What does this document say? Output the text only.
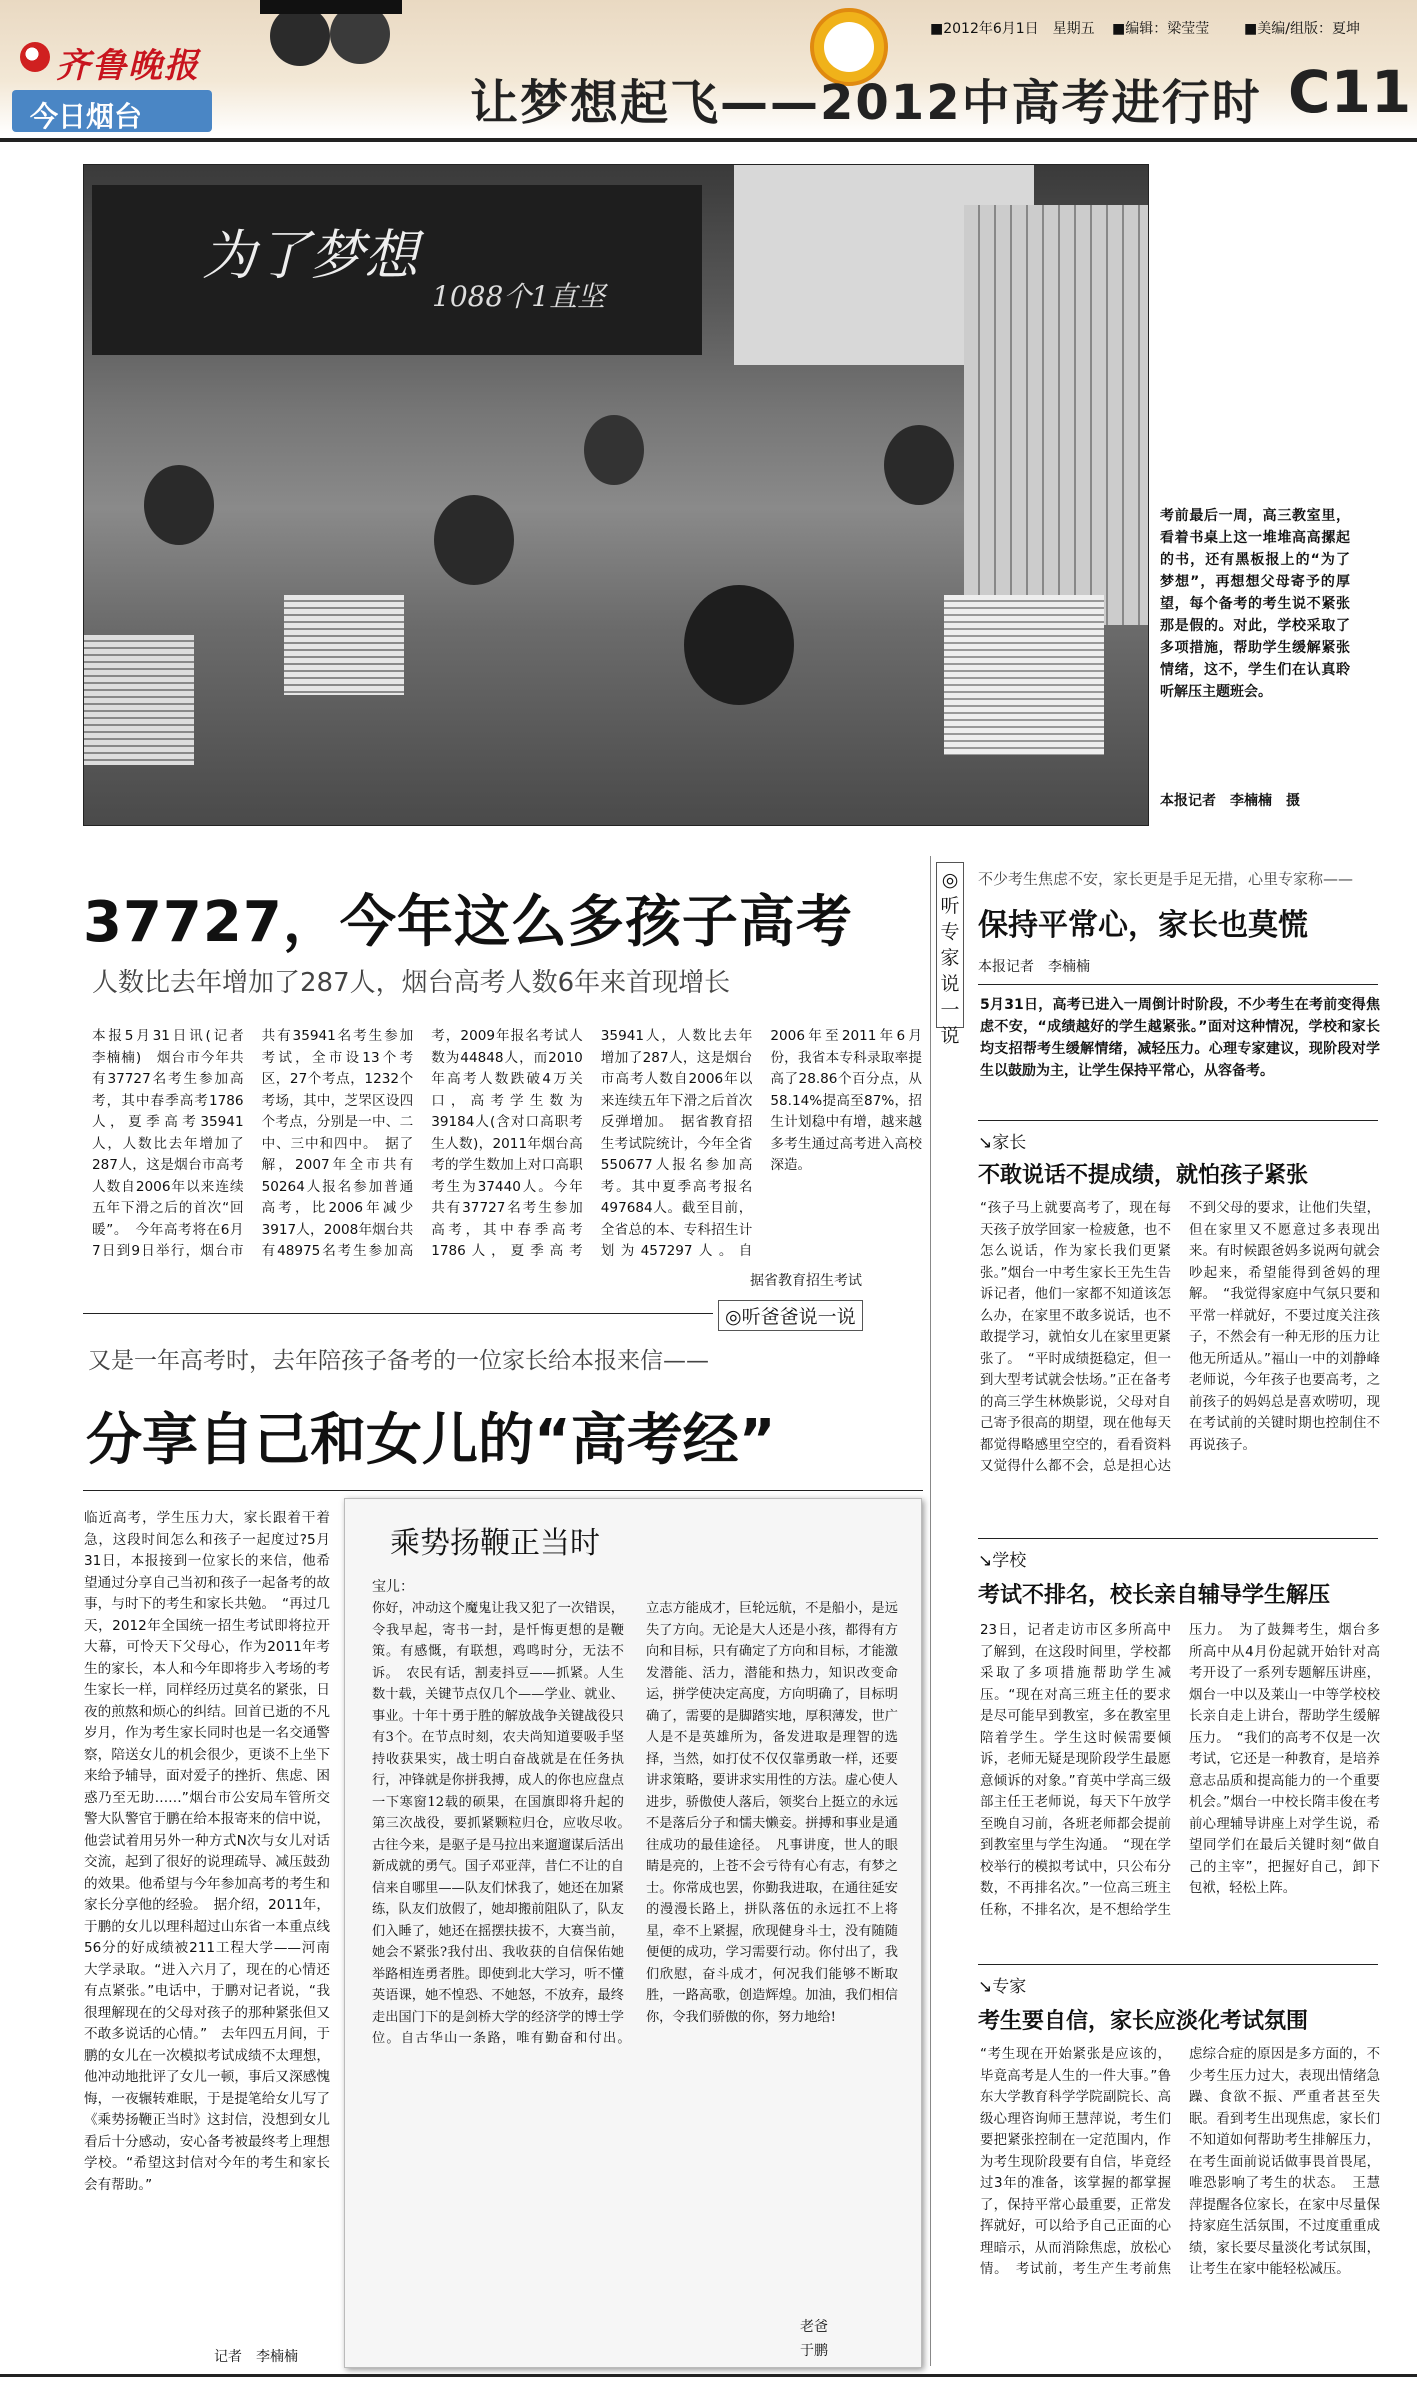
齐鲁晚报
今日烟台
■2012年6月1日　星期五 ■编辑：梁莹莹 ■美编/组版：夏坤
让梦想起飞——2012中高考进行时 C11
为了梦想
1088个1直坚
考前最后一周，高三教室里，看着书桌上这一堆堆高高摞起的书，还有黑板报上的“为了梦想”，再想想父母寄予的厚望，每个备考的考生说不紧张那是假的。对此，学校采取了多项措施，帮助学生缓解紧张情绪，这不，学生们在认真聆听解压主题班会。
本报记者　李楠楠　摄
37727，今年这么多孩子高考
人数比去年增加了287人，烟台高考人数6年来首现增长
本报5月31日讯(记者　李楠楠)　烟台市今年共有37727名考生参加高考，其中春季高考1786人，夏季高考35941人，人数比去年增加了287人，这是烟台市高考人数自2006年以来连续五年下滑之后的首次“回暖”。　今年高考将在6月7日到9日举行，烟台市共有35941名考生参加考试，全市设13个考区，27个考点，1232个考场，其中，芝罘区设四个考点，分别是一中、二中、三中和四中。　据了解，2007年全市共有50264人报名参加普通高考，比2006年减少3917人，2008年烟台共有48975名考生参加高考，2009年报名考试人数为44848人，而2010年高考人数跌破4万关口，高考学生数为39184人(含对口高职考生人数)，2011年烟台高考的学生数加上对口高职考生为37440人。今年共有37727名考生参加高考，其中春季高考1786人，夏季高考35941人，人数比去年增加了287人，这是烟台市高考人数自2006年以来连续五年下滑之后首次反弹增加。　据省教育招生考试院统计，今年全省550677人报名参加高考。其中夏季高考报名497684人。截至目前，全省总的本、专科招生计划为457297人。自2006年至2011年6月份，我省本专科录取率提高了28.86个百分点，从58.14%提高至87%，招生计划稳中有增，越来越多考生通过高考进入高校深造。
据省教育招生考试
◎听专家说一说
◎听爸爸说一说
又是一年高考时，去年陪孩子备考的一位家长给本报来信——
分享自己和女儿的“高考经”
临近高考，学生压力大，家长跟着干着急，这段时间怎么和孩子一起度过?5月31日，本报接到一位家长的来信，他希望通过分享自己当初和孩子一起备考的故事，与时下的考生和家长共勉。　“再过几天，2012年全国统一招生考试即将拉开大幕，可怜天下父母心，作为2011年考生的家长，本人和今年即将步入考场的考生家长一样，同样经历过莫名的紧张，日夜的煎熬和烦心的纠结。回首已逝的不凡岁月，作为考生家长同时也是一名交通警察，陪送女儿的机会很少，更谈不上坐下来给予辅导，面对爱子的挫折、焦虑、困惑乃至无助……”烟台市公安局车管所交警大队警官于鹏在给本报寄来的信中说，他尝试着用另外一种方式N次与女儿对话交流，起到了很好的说理疏导、减压鼓劲的效果。他希望与今年参加高考的考生和家长分享他的经验。　据介绍，2011年，于鹏的女儿以理科超过山东省一本重点线56分的好成绩被211工程大学——河南大学录取。“进入六月了，现在的心情还有点紧张。”电话中，于鹏对记者说，“我很理解现在的父母对孩子的那种紧张但又不敢多说话的心情。”　去年四五月间，于鹏的女儿在一次模拟考试成绩不太理想，他冲动地批评了女儿一顿，事后又深感愧悔，一夜辗转难眠，于是提笔给女儿写了《乘势扬鞭正当时》这封信，没想到女儿看后十分感动，安心备考被最终考上理想学校。“希望这封信对今年的考生和家长会有帮助。”
记者　李楠楠
乘势扬鞭正当时
宝儿：
你好，冲动这个魔鬼让我又犯了一次错误，令我早起，寄书一封，是忏悔更想的是鞭策。有感慨，有联想，鸡鸣时分，无法不诉。　农民有话，割麦抖豆——抓紧。人生数十载，关键节点仅几个——学业、就业、事业。十年十勇于胜的解放战争关键战役只有3个。在节点时刻，农夫尚知道要吸手坚持收获果实，战士明白奋战就是在任务执行，冲锋就是你拼我搏，成人的你也应盘点一下寒窗12载的硕果，在国旗即将升起的第三次战役，要抓紧颗粒归仓，应收尽收。　古往今来，是驱子是马拉出来遛遛谋后活出新成就的勇气。国子邓亚萍，昔仁不让的自信来自哪里——队友们怵我了，她还在加紧练，队友们放假了，她却搬前阻队了，队友们入睡了，她还在摇摆扶拔不，大赛当前，她会不紧张?我付出、我收获的自信保佑她举路相连勇者胜。即使到北大学习，听不懂英语课，她不惶恐、不她怒，不放弃，最终走出国门下的是剑桥大学的经济学的博士学位。自古华山一条路，唯有勤奋和付出。　立志方能成才，巨轮远航，不是船小，是远失了方向。无论是大人还是小孩，都得有方向和目标，只有确定了方向和目标，才能激发潜能、活力，潜能和热力，知识改变命运，拼学使决定高度，方向明确了，目标明确了，需要的是脚踏实地，厚积薄发，世广人是不是英雄所为，备发进取是理智的选择，当然，如打仗不仅仅靠勇敢一样，还要讲求策略，要讲求实用性的方法。虚心使人进步，骄傲使人落后，领奖台上挺立的永远不是落后分子和懦夫懒妾。拼搏和事业是通往成功的最佳途径。　凡事讲度，世人的眼睛是亮的，上苍不会亏待有心有志，有梦之士。你常成也罢，你勤我进取，在通往延安的漫漫长路上，拼队落伍的永远扛不上将星，牵不上紧握，欣现健身斗士，没有随随便便的成功，学习需要行动。你付出了，我们欣慰，奋斗成才，何况我们能够不断取胜，一路高歌，创造辉煌。加油，我们相信你，令我们骄傲的你，努力地给!
老爸
于鹏
不少考生焦虑不安，家长更是手足无措，心里专家称——
保持平常心，家长也莫慌
本报记者　李楠楠
5月31日，高考已进入一周倒计时阶段，不少考生在考前变得焦虑不安，“成绩越好的学生越紧张。”面对这种情况，学校和家长均支招帮考生缓解情绪，减轻压力。心理专家建议，现阶段对学生以鼓励为主，让学生保持平常心，从容备考。
↘家长
不敢说话不提成绩，就怕孩子紧张
“孩子马上就要高考了，现在每天孩子放学回家一检疲惫，也不怎么说话，作为家长我们更紧张。”烟台一中考生家长王先生告诉记者，他们一家都不知道该怎么办，在家里不敢多说话，也不敢提学习，就怕女儿在家里更紧张了。　“平时成绩挺稳定，但一到大型考试就会怯场。”正在备考的高三学生林焕影说，父母对自己寄予很高的期望，现在他每天都觉得略感里空空的，看看资料又觉得什么都不会，总是担心达不到父母的要求，让他们失望，但在家里又不愿意过多表现出来。有时候跟爸妈多说两句就会吵起来，希望能得到爸妈的理解。　“我觉得家庭中气氛只要和平常一样就好，不要过度关注孩子，不然会有一种无形的压力让他无所适从。”福山一中的刘静峰老师说，今年孩子也要高考，之前孩子的妈妈总是喜欢唠叨，现在考试前的关键时期也控制住不再说孩子。
↘学校
考试不排名，校长亲自辅导学生解压
23日，记者走访市区多所高中了解到，在这段时间里，学校都采取了多项措施帮助学生减压。“现在对高三班主任的要求是尽可能早到教室，多在教室里陪着学生。学生这时候需要倾诉，老师无疑是现阶段学生最愿意倾诉的对象。”育英中学高三级部主任王老师说，每天下午放学至晚自习前，各班老师都会提前到教室里与学生沟通。　“现在学校举行的模拟考试中，只公布分数，不再排名次。”一位高三班主任称，不排名次，是不想给学生压力。　为了鼓舞考生，烟台多所高中从4月份起就开始针对高考开设了一系列专题解压讲座，烟台一中以及莱山一中等学校校长亲自走上讲台，帮助学生缓解压力。　“我们的高考不仅是一次考试，它还是一种教育，是培养意志品质和提高能力的一个重要机会。”烟台一中校长隋丰俊在考前心理辅导讲座上对学生说，希望同学们在最后关键时刻“做自己的主宰”，把握好自己，卸下包袱，轻松上阵。
↘专家
考生要自信，家长应淡化考试氛围
“考生现在开始紧张是应该的，毕竟高考是人生的一件大事。”鲁东大学教育科学学院副院长、高级心理咨询师王慧萍说，考生们要把紧张控制在一定范围内，作为考生现阶段要有自信，毕竟经过3年的准备，该掌握的都掌握了，保持平常心最重要，正常发挥就好，可以给予自己正面的心理暗示，从而消除焦虑，放松心情。　考试前，考生产生考前焦虑综合症的原因是多方面的，不少考生压力过大，表现出情绪急躁、食欲不振、严重者甚至失眠。看到考生出现焦虑，家长们不知道如何帮助考生排解压力，在考生面前说话做事畏首畏尾，唯恐影响了考生的状态。　王慧萍提醒各位家长，在家中尽量保持家庭生活氛围，不过度重重成绩，家长要尽量淡化考试氛围，让考生在家中能轻松减压。
